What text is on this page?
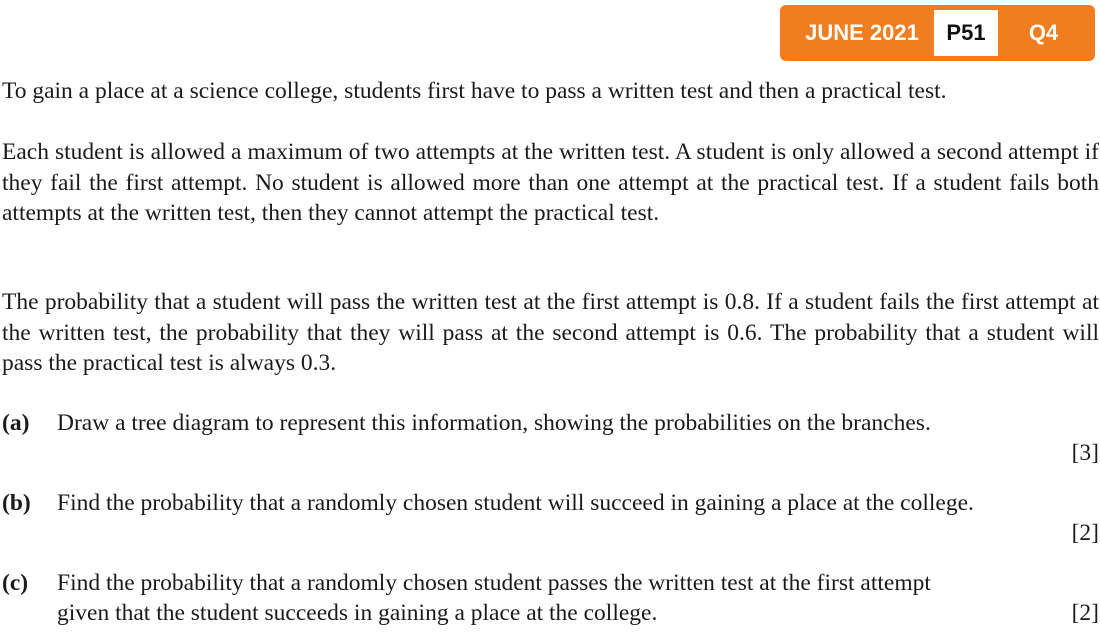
JUNE 2021	P51	Q4

To gain a place at a science college, students first have to pass a written test and then a practical test.

Each student is allowed a maximum of two attempts at the written test. A student is only allowed a second attempt if they fail the first attempt. No student is allowed more than one attempt at the practical test. If a student fails both attempts at the written test, then they cannot attempt the practical test.

The probability that a student will pass the written test at the first attempt is 0.8. If a student fails the first attempt at the written test, the probability that they will pass at the second attempt is 0.6. The probability that a student will pass the practical test is always 0.3.

(a) Draw a tree diagram to represent this information, showing the probabilities on the branches.
[3]
(b) Find the probability that a randomly chosen student will succeed in gaining a place at the college.
[2]
(c) Find the probability that a randomly chosen student passes the written test at the first attempt
given that the student succeeds in gaining a place at the college.	[2]
